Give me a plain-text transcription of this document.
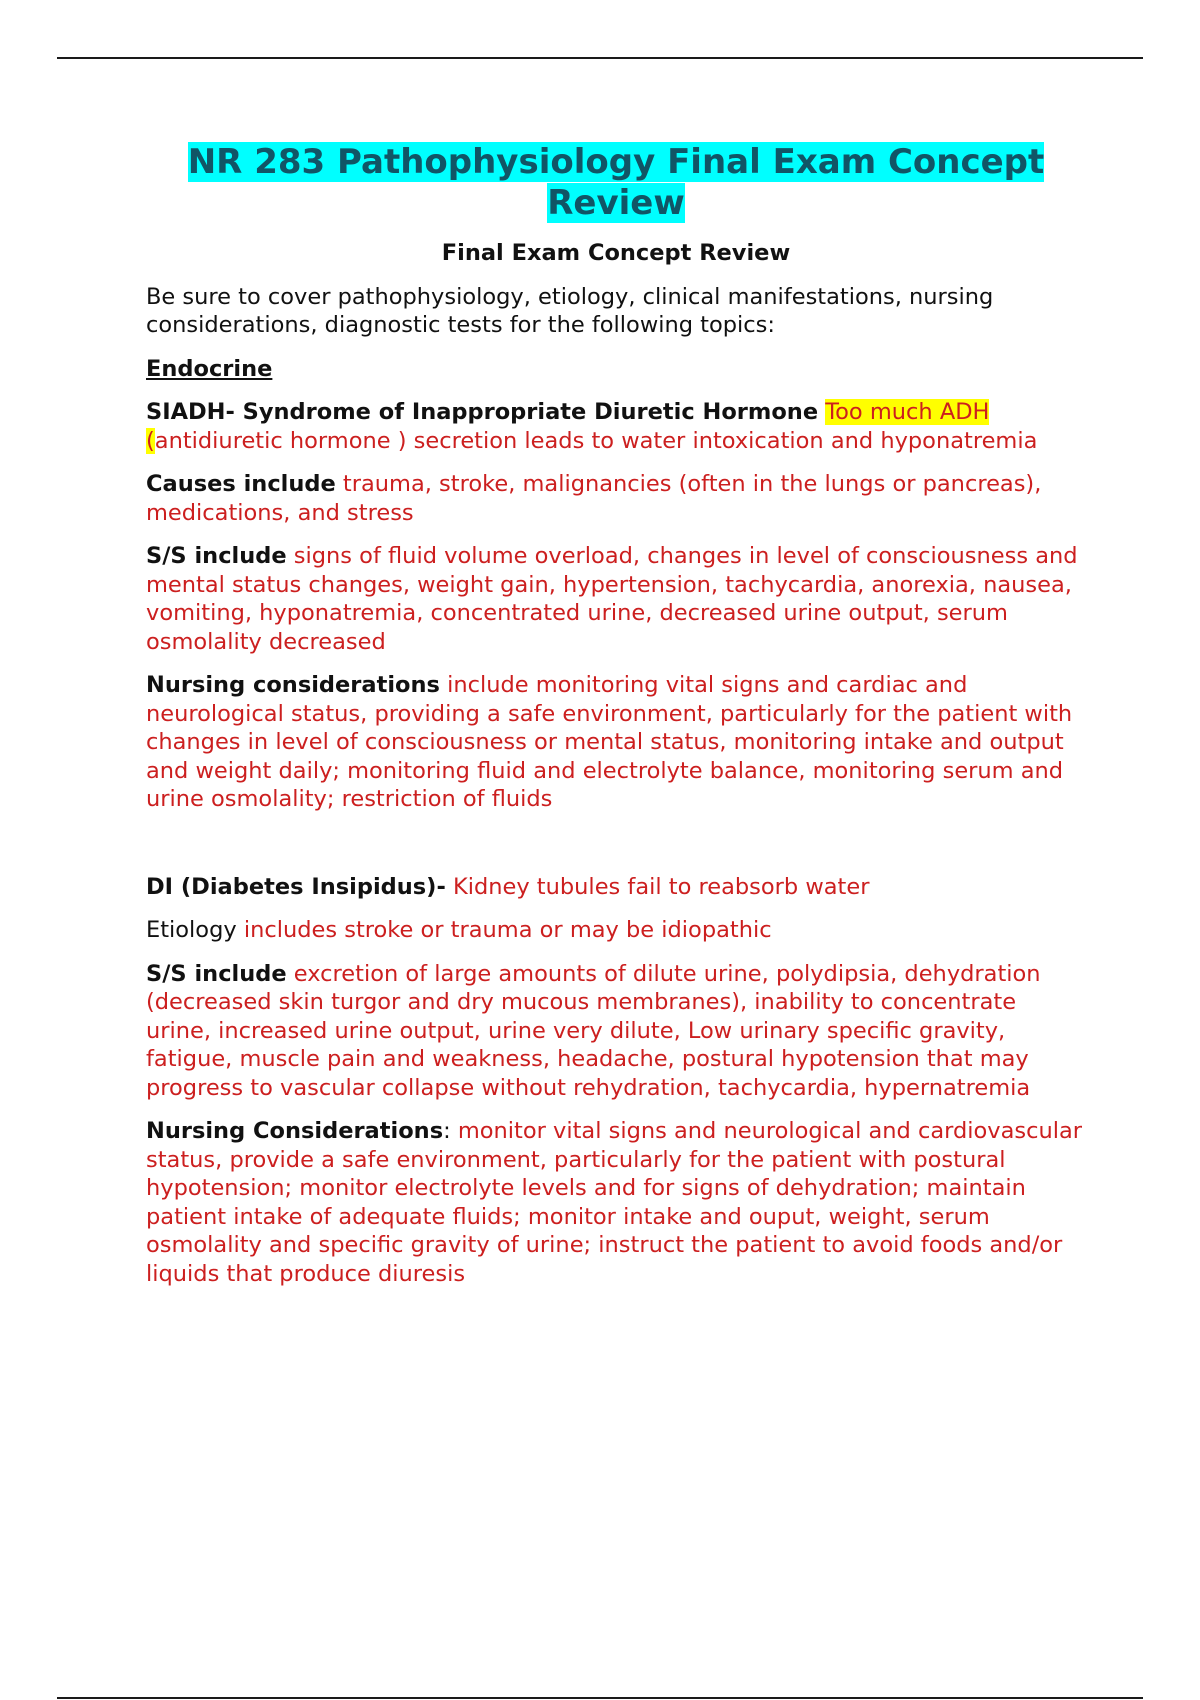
NR 283 Pathophysiology Final Exam Concept
Review
Final Exam Concept Review

Be sure to cover pathophysiology, etiology, clinical manifestations, nursing considerations, diagnostic tests for the following topics:

Endocrine

SIADH- Syndrome of Inappropriate Diuretic Hormone Too much ADH (antidiuretic hormone ) secretion leads to water intoxication and hyponatremia

Causes include trauma, stroke, malignancies (often in the lungs or pancreas), medications, and stress

S/S include signs of fluid volume overload, changes in level of consciousness and mental status changes, weight gain, hypertension, tachycardia, anorexia, nausea, vomiting, hyponatremia, concentrated urine, decreased urine output, serum osmolality decreased

Nursing considerations include monitoring vital signs and cardiac and neurological status, providing a safe environment, particularly for the patient with changes in level of consciousness or mental status, monitoring intake and output and weight daily; monitoring fluid and electrolyte balance, monitoring serum and urine osmolality; restriction of fluids

DI (Diabetes Insipidus)- Kidney tubules fail to reabsorb water

Etiology includes stroke or trauma or may be idiopathic

S/S include excretion of large amounts of dilute urine, polydipsia, dehydration (decreased skin turgor and dry mucous membranes), inability to concentrate urine, increased urine output, urine very dilute, Low urinary specific gravity, fatigue, muscle pain and weakness, headache, postural hypotension that may progress to vascular collapse without rehydration, tachycardia, hypernatremia

Nursing Considerations: monitor vital signs and neurological and cardiovascular status, provide a safe environment, particularly for the patient with postural hypotension; monitor electrolyte levels and for signs of dehydration; maintain patient intake of adequate fluids; monitor intake and ouput, weight, serum osmolality and specific gravity of urine; instruct the patient to avoid foods and/or liquids that produce diuresis
